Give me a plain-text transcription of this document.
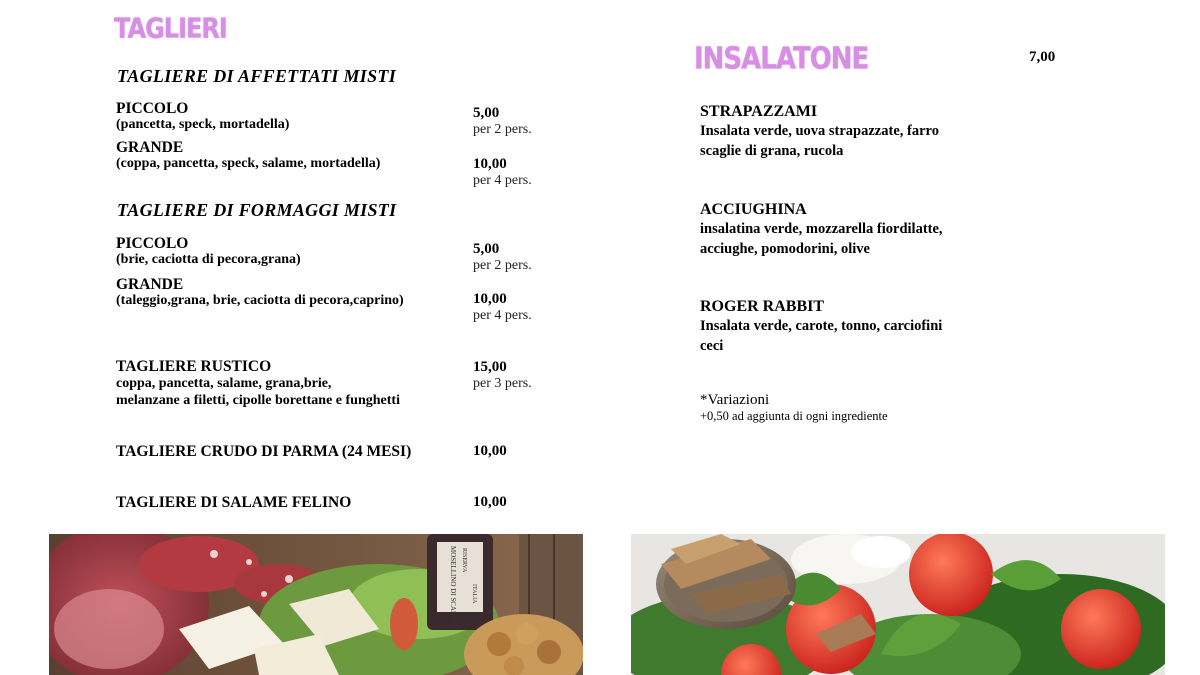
TAGLIERI
TAGLIERE DI AFFETTATI MISTI
PICCOLO
(pancetta, speck, mortadella)
5,00
per 2 pers.
GRANDE
(coppa, pancetta, speck, salame, mortadella)	10,00
per 4 pers.
TAGLIERE DI FORMAGGI MISTI
PICCOLO
(brie, caciotta di pecora,grana)
5,00
per 2 pers.
GRANDE
(taleggio,grana, brie, caciotta di pecora,caprino)	10,00
per 4 pers.
TAGLIERE RUSTICO
coppa, pancetta, salame, grana,brie,
melanzane a filetti, cipolle borettane e funghetti
15,00
per 3 pers.
TAGLIERE CRUDO DI PARMA (24 MESI)	10,00
TAGLIERE DI SALAME FELINO	10,00
INSALATONE	7,00
STRAPAZZAMI
Insalata verde, uova strapazzate, farro
scaglie di grana, rucola
ACCIUGHINA
insalatina verde, mozzarella fiordilatte,
acciughe, pomodorini, olive
ROGER RABBIT
Insalata verde, carote, tonno, carciofini
ceci
*Variazioni
+0,50 ad aggiunta di ogni ingrediente
MOSELLINO DI SCANO RISERVA
ITALIA
